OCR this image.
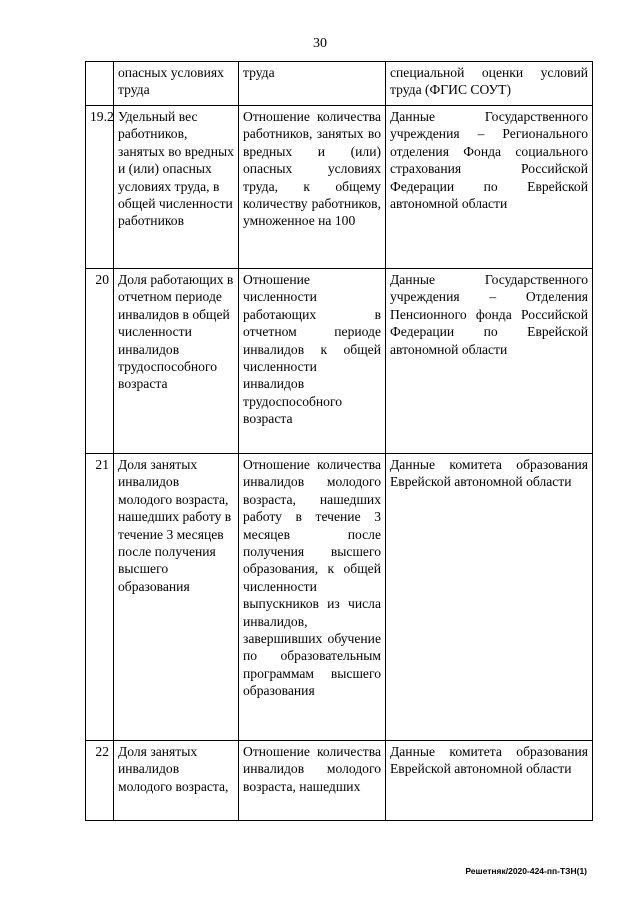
30
	опасных условиях труда	труда	специальной оценки условий труда (ФГИС СОУТ)
19.2	Удельный вес работников, занятых во вредных и (или) опасных условиях труда, в общей численности работников	Отношение количества работников, занятых во вредных и (или) опасных условиях труда, к общему количеству работников, умноженное на 100	Данные Государственного учреждения – Регионального отделения Фонда социального страхования Российской Федерации по Еврейской автономной области
20	Доля работающих в отчетном периоде инвалидов в общей численности инвалидов трудоспособного возраста	Отношение численности работающих в отчетном периоде инвалидов к общей численности инвалидов трудоспособного возраста	Данные Государственного учреждения – Отделения Пенсионного фонда Российской Федерации по Еврейской автономной области
21	Доля занятых инвалидов молодого возраста, нашедших работу в течение 3 месяцев после получения высшего образования	Отношение количества инвалидов молодого возраста, нашедших работу в течение 3 месяцев после получения высшего образования, к общей численности выпускников из числа инвалидов, завершивших обучение по образовательным программам высшего образования	Данные комитета образования Еврейской автономной области
22	Доля занятых инвалидов молодого возраста,	Отношение количества инвалидов молодого возраста, нашедших	Данные комитета образования Еврейской автономной области
Решетняк/2020-424-пп-ТЗН(1)
